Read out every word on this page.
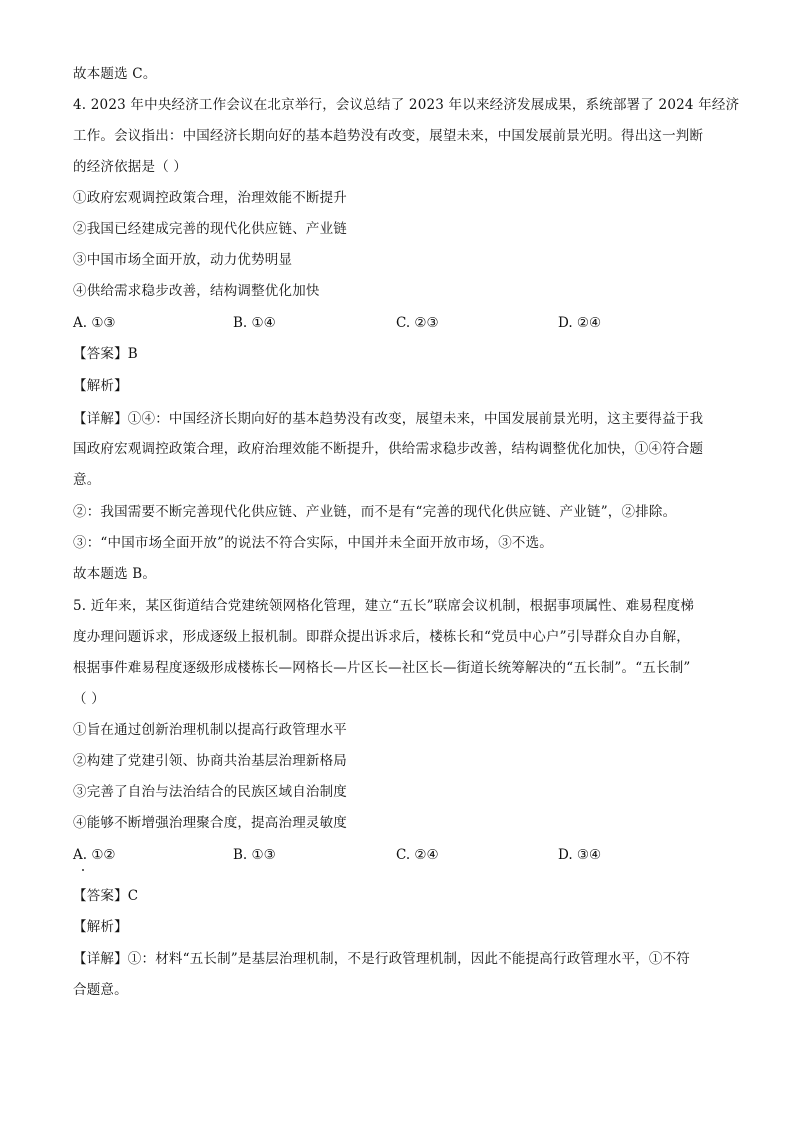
故本题选 C。
4. 2023 年中央经济工作会议在北京举行，会议总结了 2023 年以来经济发展成果，系统部署了 2024 年经济
工作。会议指出：中国经济长期向好的基本趋势没有改变，展望未来，中国发展前景光明。得出这一判断
的经济依据是（ ）
①政府宏观调控政策合理，治理效能不断提升
②我国已经建成完善的现代化供应链、产业链
③中国市场全面开放，动力优势明显
④供给需求稳步改善，结构调整优化加快
A. ①③	B. ①④	C. ②③	D. ②④
【答案】B
【解析】
【详解】①④：中国经济长期向好的基本趋势没有改变，展望未来，中国发展前景光明，这主要得益于我
国政府宏观调控政策合理，政府治理效能不断提升，供给需求稳步改善，结构调整优化加快，①④符合题
意。
②：我国需要不断完善现代化供应链、产业链，而不是有“完善的现代化供应链、产业链”，②排除。
③：“中国市场全面开放”的说法不符合实际，中国并未全面开放市场，③不选。
故本题选 B。
5. 近年来，某区街道结合党建统领网格化管理，建立“五长”联席会议机制，根据事项属性、难易程度梯
度办理问题诉求，形成逐级上报机制。即群众提出诉求后，楼栋长和“党员中心户”引导群众自办自解，
根据事件难易程度逐级形成楼栋长—网格长—片区长—社区长—街道长统筹解决的“五长制”。“五长制”
（ ）
①旨在通过创新治理机制以提高行政管理水平
②构建了党建引领、协商共治基层治理新格局
③完善了自治与法治结合的民族区域自治制度
④能够不断增强治理聚合度，提高治理灵敏度
A. ①②	B. ①③	C. ②④	D. ③④
【答案】C
【解析】
【详解】①：材料“五长制”是基层治理机制，不是行政管理机制，因此不能提高行政管理水平，①不符
合题意。
